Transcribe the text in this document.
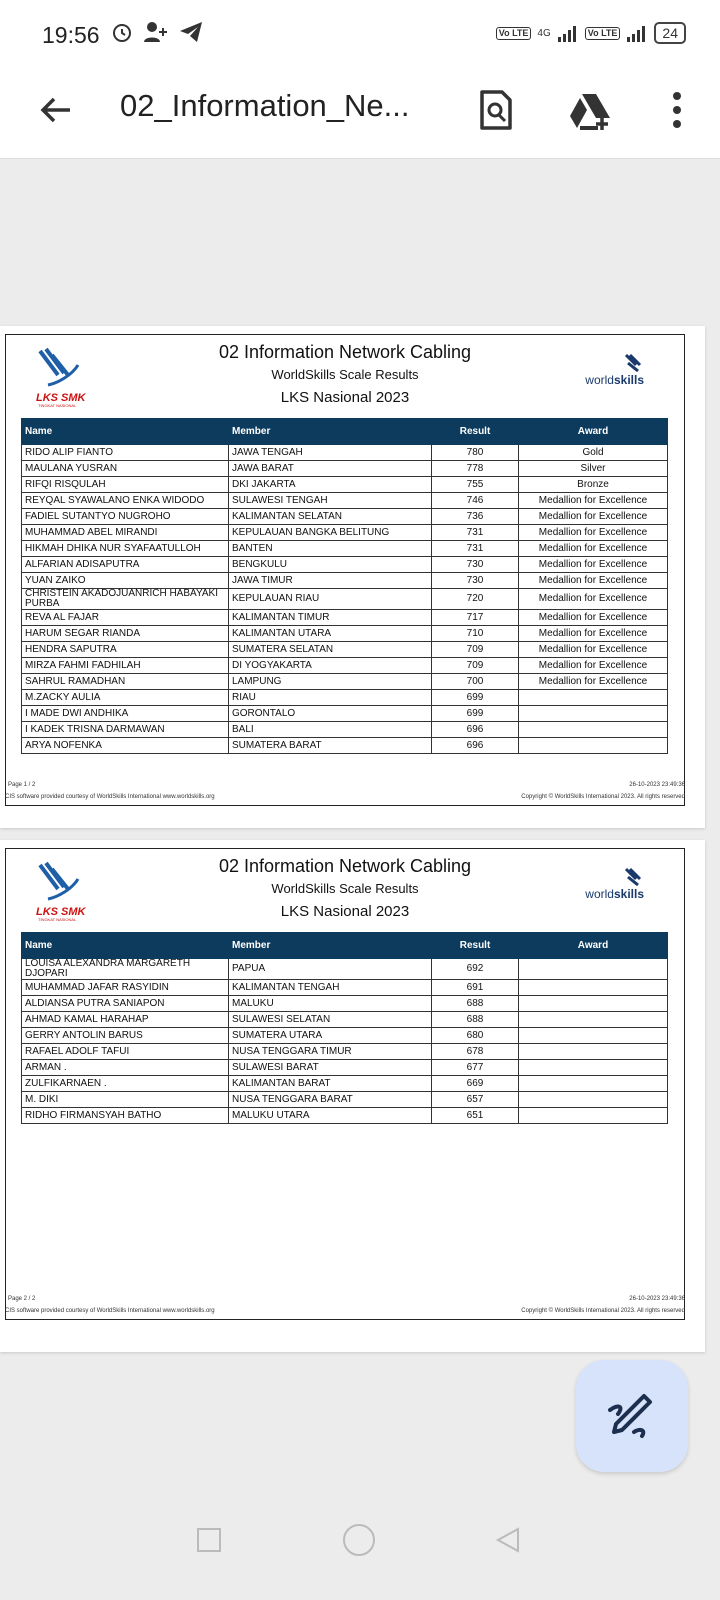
19:56	Vo LTE 4G	Vo LTE	24
02_Information_Ne...
LKS SMK
TINGKAT NASIONAL
02 Information Network Cabling
WorldSkills Scale Results
LKS Nasional 2023
worldskills
Name	Member	Result	Award
RIDO ALIP FIANTO	JAWA TENGAH	780	Gold
MAULANA YUSRAN	JAWA BARAT	778	Silver
RIFQI RISQULAH	DKI JAKARTA	755	Bronze
REYQAL SYAWALANO ENKA WIDODO	SULAWESI TENGAH	746	Medallion for Excellence
FADIEL SUTANTYO NUGROHO	KALIMANTAN SELATAN	736	Medallion for Excellence
MUHAMMAD ABEL MIRANDI	KEPULAUAN BANGKA BELITUNG	731	Medallion for Excellence
HIKMAH DHIKA NUR SYAFAATULLOH	BANTEN	731	Medallion for Excellence
ALFARIAN ADISAPUTRA	BENGKULU	730	Medallion for Excellence
YUAN ZAIKO	JAWA TIMUR	730	Medallion for Excellence
CHRISTEIN AKADOJUANRICH HABAYAKI PURBA	KEPULAUAN RIAU	720	Medallion for Excellence
REVA AL FAJAR	KALIMANTAN TIMUR	717	Medallion for Excellence
HARUM SEGAR RIANDA	KALIMANTAN UTARA	710	Medallion for Excellence
HENDRA SAPUTRA	SUMATERA SELATAN	709	Medallion for Excellence
MIRZA FAHMI FADHILAH	DI YOGYAKARTA	709	Medallion for Excellence
SAHRUL RAMADHAN	LAMPUNG	700	Medallion for Excellence
M.ZACKY AULIA	RIAU	699	
I MADE DWI ANDHIKA	GORONTALO	699	
I KADEK TRISNA DARMAWAN	BALI	696	
ARYA NOFENKA	SUMATERA BARAT	696	
Page 1 / 2	26-10-2023 23:49:36
CIS software provided courtesy of WorldSkills International www.worldskills.org	Copyright © WorldSkills International 2023. All rights reserved
LKS SMK
TINGKAT NASIONAL
02 Information Network Cabling
WorldSkills Scale Results
LKS Nasional 2023
worldskills
Name	Member	Result	Award
LOUISA ALEXANDRA MARGARETH DJOPARI	PAPUA	692	
MUHAMMAD JAFAR RASYIDIN	KALIMANTAN TENGAH	691	
ALDIANSA PUTRA SANIAPON	MALUKU	688	
AHMAD KAMAL HARAHAP	SULAWESI SELATAN	688	
GERRY ANTOLIN BARUS	SUMATERA UTARA	680	
RAFAEL ADOLF TAFUI	NUSA TENGGARA TIMUR	678	
ARMAN .	SULAWESI BARAT	677	
ZULFIKARNAEN .	KALIMANTAN BARAT	669	
M. DIKI	NUSA TENGGARA BARAT	657	
RIDHO FIRMANSYAH BATHO	MALUKU UTARA	651	
Page 2 / 2	26-10-2023 23:49:36
CIS software provided courtesy of WorldSkills International www.worldskills.org	Copyright © WorldSkills International 2023. All rights reserved
